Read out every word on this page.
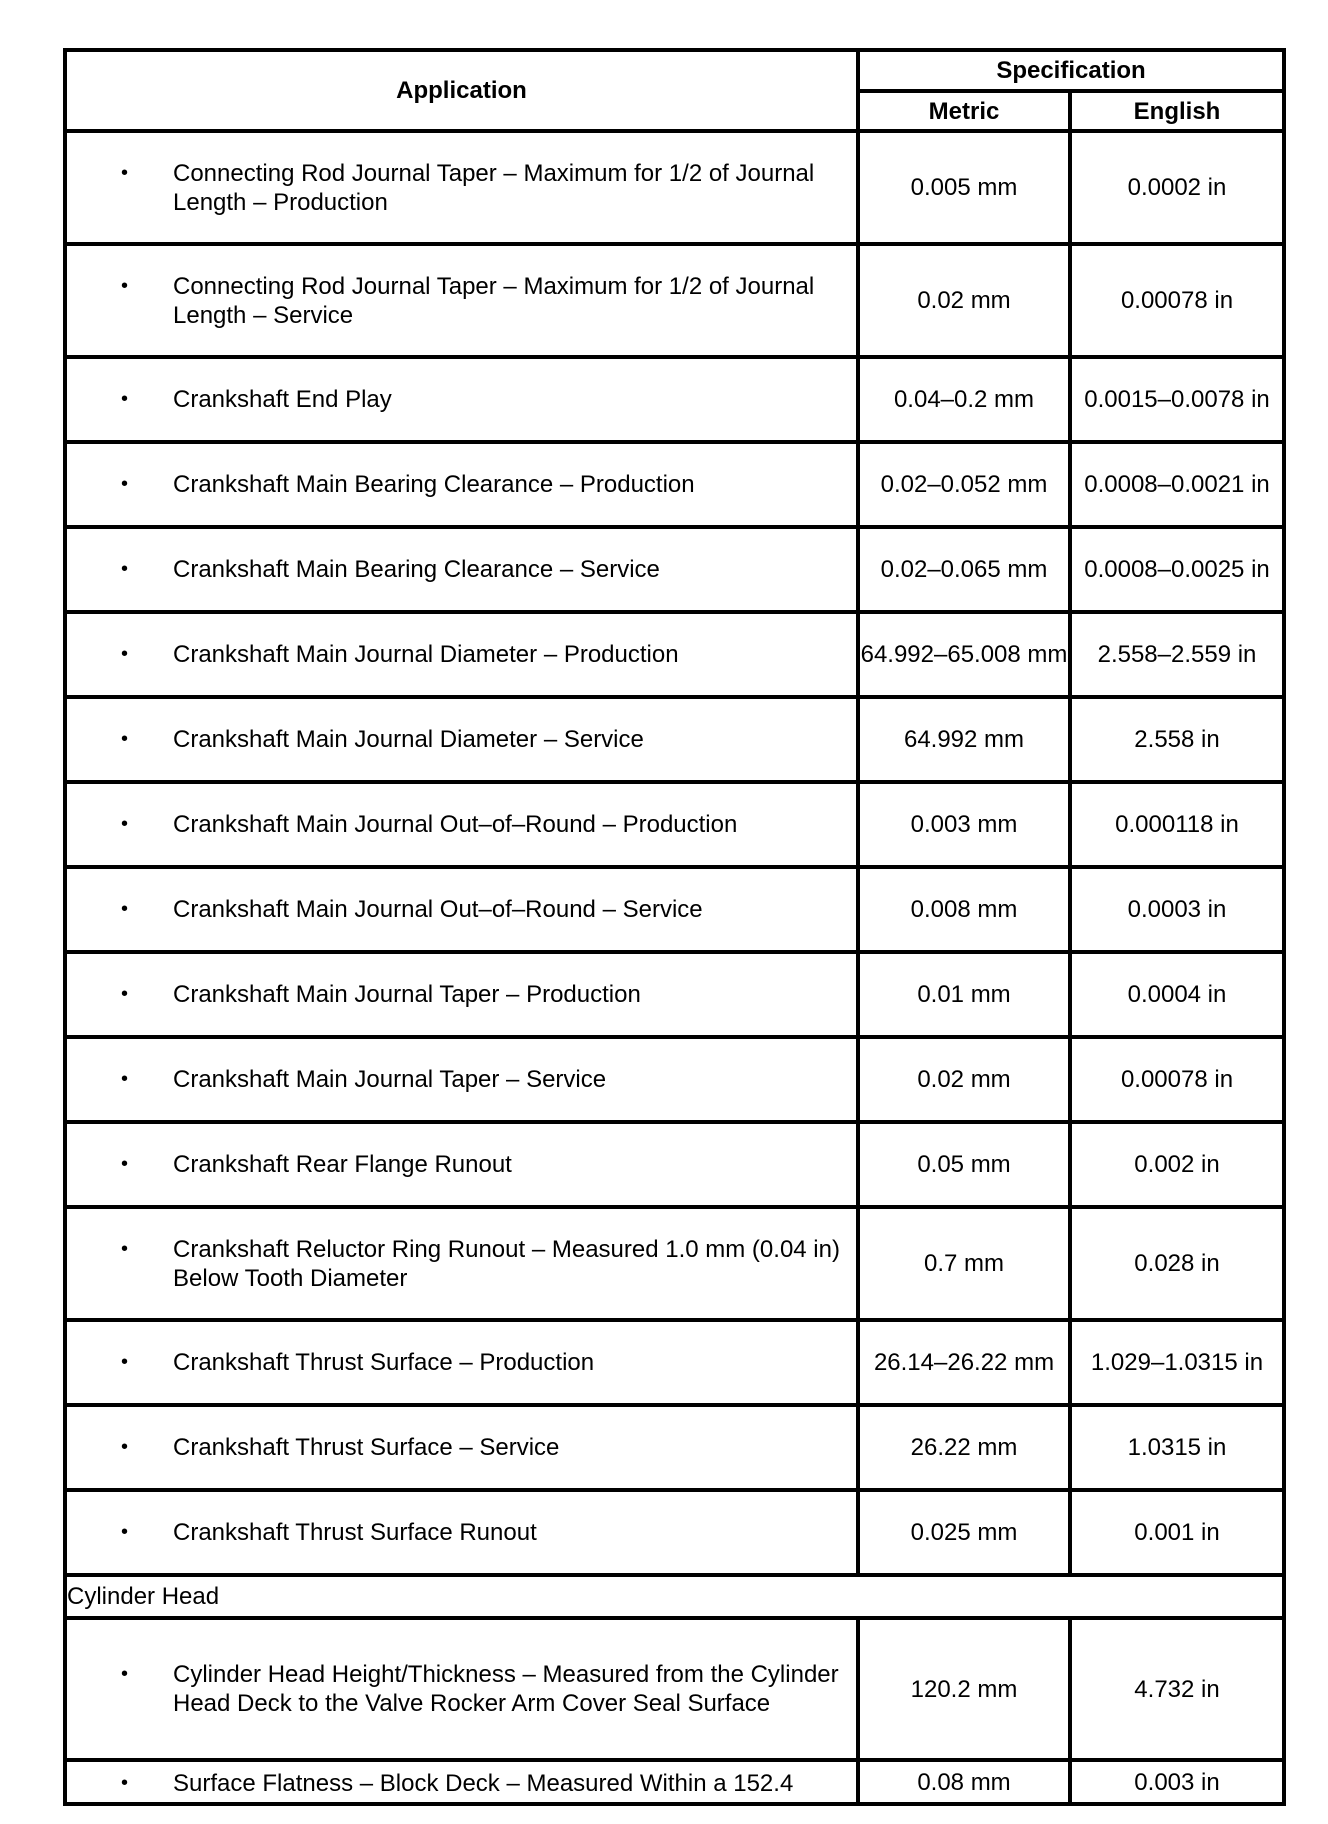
Application	Specification	
	Metric	English

• Connecting Rod Journal Taper – Maximum for 1/2 of Journal Length – Production	0.005 mm	0.0002 in

• Connecting Rod Journal Taper – Maximum for 1/2 of Journal Length – Service	0.02 mm	0.00078 in

• Crankshaft End Play	0.04–0.2 mm	0.0015–0.0078 in

• Crankshaft Main Bearing Clearance – Production	0.02–0.052 mm	0.0008–0.0021 in

• Crankshaft Main Bearing Clearance – Service	0.02–0.065 mm	0.0008–0.0025 in

• Crankshaft Main Journal Diameter – Production	64.992–65.008 mm	2.558–2.559 in

• Crankshaft Main Journal Diameter – Service	64.992 mm	2.558 in

• Crankshaft Main Journal Out–of–Round – Production	0.003 mm	0.000118 in

• Crankshaft Main Journal Out–of–Round – Service	0.008 mm	0.0003 in

• Crankshaft Main Journal Taper – Production	0.01 mm	0.0004 in

• Crankshaft Main Journal Taper – Service	0.02 mm	0.00078 in

• Crankshaft Rear Flange Runout	0.05 mm	0.002 in

• Crankshaft Reluctor Ring Runout – Measured 1.0 mm (0.04 in) Below Tooth Diameter	0.7 mm	0.028 in

• Crankshaft Thrust Surface – Production	26.14–26.22 mm	1.029–1.0315 in

• Crankshaft Thrust Surface – Service	26.22 mm	1.0315 in

• Crankshaft Thrust Surface Runout	0.025 mm	0.001 in
Cylinder Head		

• Cylinder Head Height/Thickness – Measured from the Cylinder Head Deck to the Valve Rocker Arm Cover Seal Surface	120.2 mm	4.732 in

• Surface Flatness – Block Deck – Measured Within a 152.4	0.08 mm	0.003 in
